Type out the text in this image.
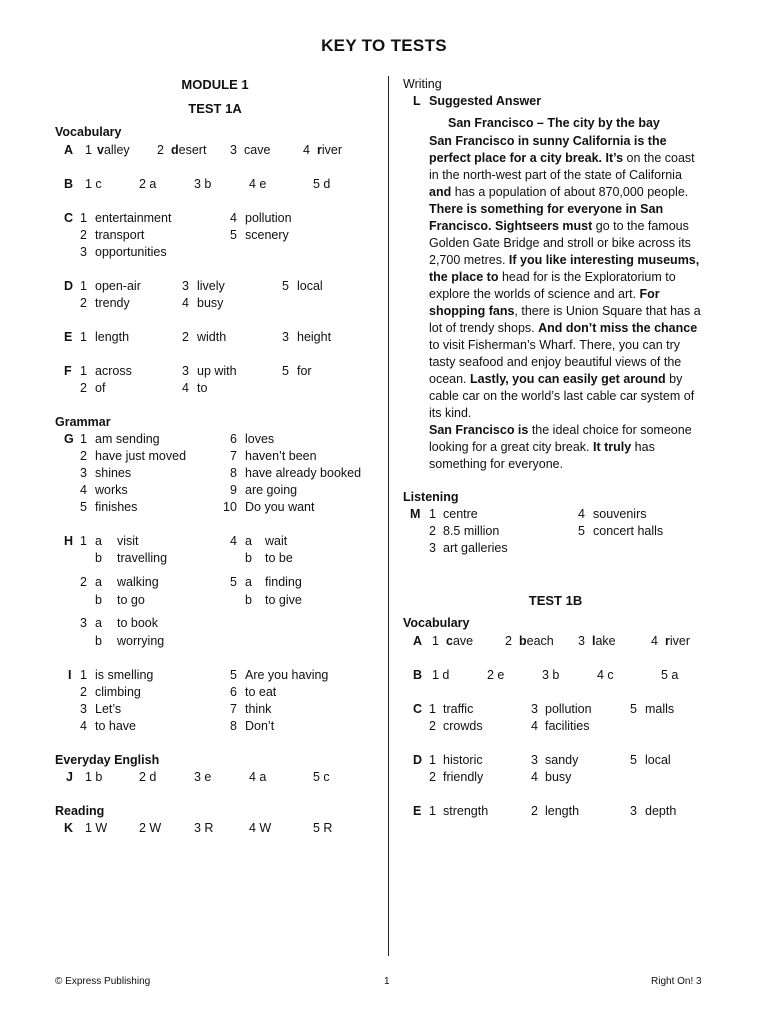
KEY TO TESTS
MODULE 1
TEST 1A
Vocabulary
A 1 valley 2 desert 3 cave	4 river
B 1 c	2 a	3 b	4 e	5 d
C 1 entertainment	4 pollution
2 transport	5 scenery
3 opportunities
D 1 open-air	3 lively	5 local
2 trendy	4 busy
E 1 length	2 width	3 height
F 1 across	3 up with	5 for
2 of	4 to
Grammar
G 1 am sending	6 loves
2 have just moved	7 haven’t been
3 shines	8 have already booked
4 works	9 are going
5 finishes	10 Do you want
H 1 a visit
b travelling
4 a wait
b to be
2 a walking
b to go
5 a finding
b to give
3 a to book
b worrying
I 1 is smelling	5 Are you having
2 climbing	6 to eat
3 Let’s	7 think
4 to have	8 Don’t
Everyday English
J 1 b	2 d	3 e	4 a	5 c
Reading
K 1 W	2 W	3 R	4 W	5 R
Writing
L Suggested Answer
San Francisco – The city by the bay
San Francisco in sunny California is the perfect place for a city break. It’s on the coast in the north-west part of the state of California and has a population of about 870,000 people. There is something for everyone in San Francisco. Sightseers must go to the famous Golden Gate Bridge and stroll or bike across its 2,700 metres. If you like interesting museums, the place to head for is the Exploratorium to explore the worlds of science and art. For shopping fans, there is Union Square that has a lot of trendy shops. And don’t miss the chance to visit Fisherman’s Wharf. There, you can try tasty seafood and enjoy beautiful views of the ocean. Lastly, you can easily get around by cable car on the world’s last cable car system of its kind.
San Francisco is the ideal choice for someone looking for a great city break. It truly has something for everyone.
Listening
M 1 centre	4 souvenirs
2 8.5 million	5 concert halls
3 art galleries
TEST 1B
Vocabulary
A 1 cave	2 beach 3 lake	4 river
B 1 d	2 e	3 b	4 c	5 a
C 1 traffic	3 pollution	5 malls
2 crowds	4 facilities
D 1 historic	3 sandy	5 local
2 friendly	4 busy
E 1 strength	2 length	3 depth
© Express Publishing	1	Right On! 3
